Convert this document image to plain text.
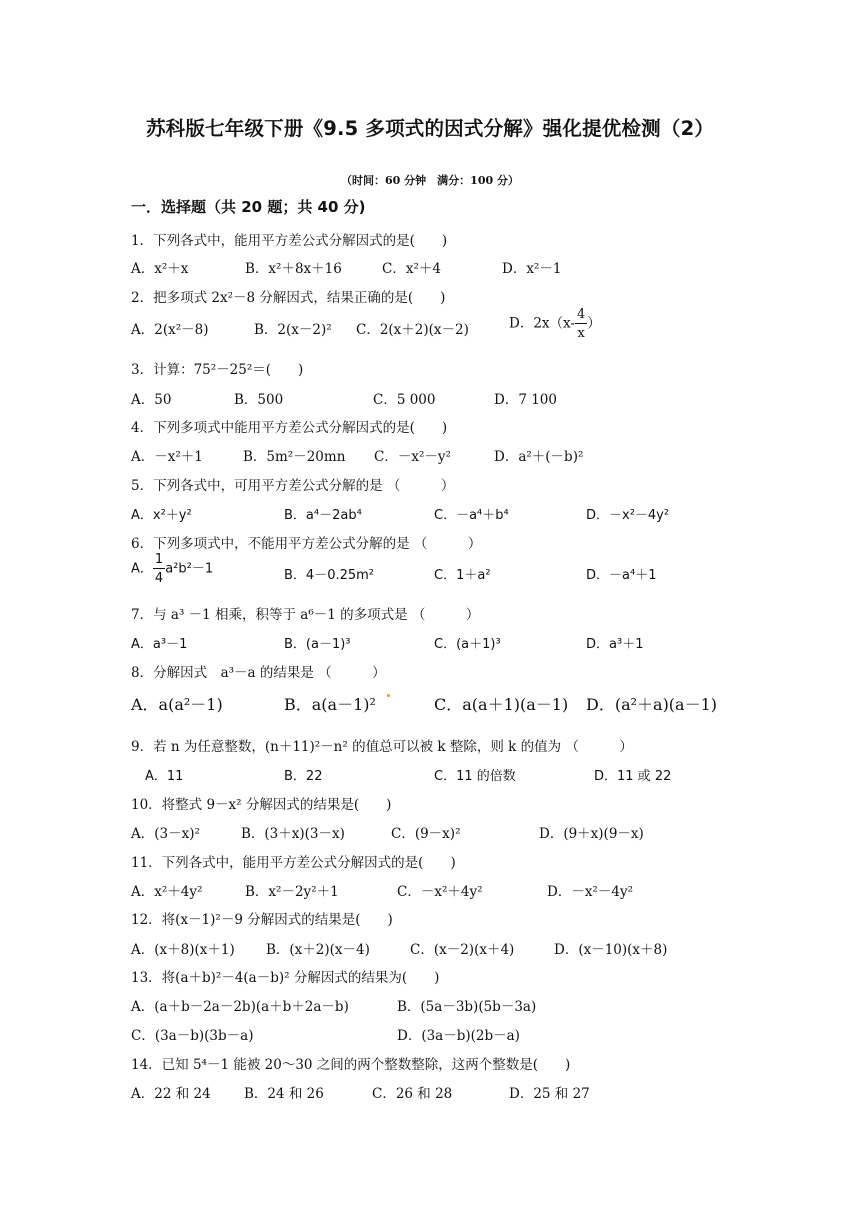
苏科版七年级下册《9.5 多项式的因式分解》强化提优检测（2）
（时间：60 分钟　满分：100 分）
一．选择题（共 20 题；共 40 分)
1．下列各式中，能用平方差公式分解因式的是(　　)
A．x²＋x	B．x²＋8x＋16	C．x²＋4	D．x²－1
2．把多项式 2x²－8 分解因式，结果正确的是(　　)
A．2(x²－8)	B．2(x－2)² C．2(x＋2)(x－2)	D．$2x(x- \frac{4}{x}$ ）
3．计算：75²－25²＝(　　)
A．50	B．500	C．5 000	D．7 100
4．下列多项式中能用平方差公式分解因式的是(　　)
A．－x²＋1	B．5m²－20mn C．－x²－y²	D．a²＋(－b)²
5．下列各式中，可用平方差公式分解的是 （　　　）
A．x²＋y²	B．a⁴－2ab⁴	C．－a⁴＋b⁴	D．－x²－4y²
6．下列多项式中，不能用平方差公式分解的是 （　　　）
A． $\frac{1}{4} a^2b^2-1$	B．4－0.25m²	C．1＋a²	D．－a⁴＋1
7．与 a³ －1 相乘，积等于 a⁶－1 的多项式是 （　　　）
A．a³－1	B．(a－1)³	C．(a＋1)³	D．a³＋1
8．分解因式　a³－a 的结果是 （　　　）
A．a(a²－1)	B．a(a－1)²	C．a(a＋1)(a－1) D．(a²＋a)(a－1)
9．若 n 为任意整数，(n＋11)²－n² 的值总可以被 k 整除，则 k 的值为 （　　　）
A．11	B．22	C．11 的倍数	D．11 或 22
10．将整式 9－x² 分解因式的结果是(　　)
A．(3－x)²	B．(3＋x)(3－x)	C．(9－x)²	D．(9＋x)(9－x)
11．下列各式中，能用平方差公式分解因式的是(　　)
A．x²＋4y²	B．x²－2y²＋1	C．－x²＋4y²	D．－x²－4y²
12．将(x－1)²－9 分解因式的结果是(　　)
A．(x＋8)(x＋1) B．(x＋2)(x－4)	C．(x－2)(x＋4)	D．(x－10)(x＋8)
13．将(a＋b)²－4(a－b)² 分解因式的结果为(　　)
A．(a＋b－2a－2b)(a＋b＋2a－b)	B．(5a－3b)(5b－3a)
C．(3a－b)(3b－a)	D．(3a－b)(2b－a)
14．已知 5⁴－1 能被 20～30 之间的两个整数整除，这两个整数是(　　)
A．22 和 24 B．24 和 26	C．26 和 28	D．25 和 27
